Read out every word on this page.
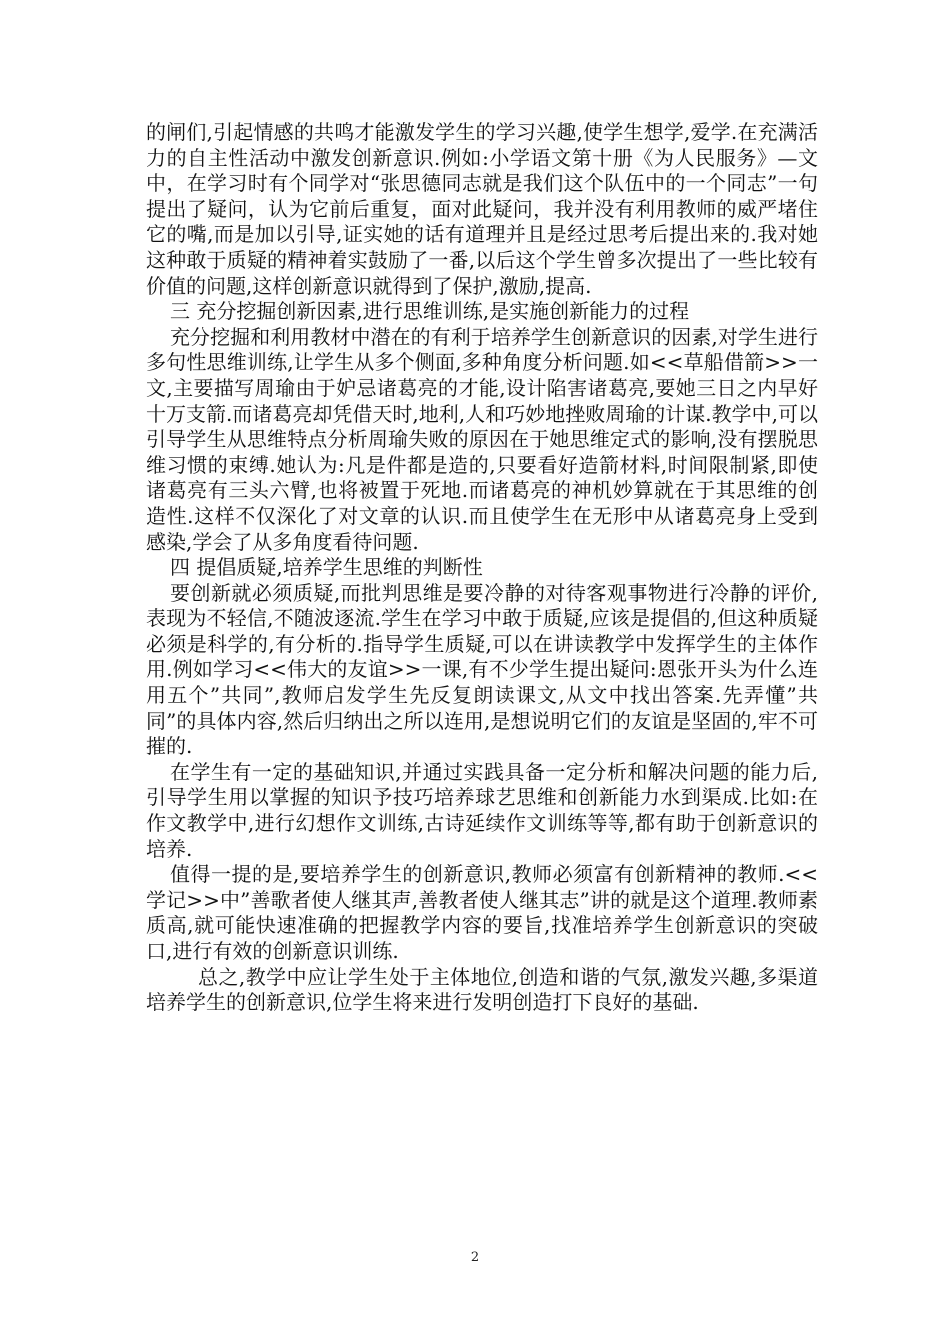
的闸们,引起情感的共鸣才能激发学生的学习兴趣,使学生想学,爱学.在充满活力的自主性活动中激发创新意识.例如:小学语文第十册《为人民服务》—文中，在学习时有个同学对“张思德同志就是我们这个队伍中的一个同志”一句提出了疑问，认为它前后重复，面对此疑问，我并没有利用教师的威严堵住它的嘴,而是加以引导,证实她的话有道理并且是经过思考后提出来的.我对她这种敢于质疑的精神着实鼓励了一番,以后这个学生曾多次提出了一些比较有价值的问题,这样创新意识就得到了保护,激励,提高.

三 充分挖掘创新因素,进行思维训练,是实施创新能力的过程

充分挖掘和利用教材中潜在的有利于培养学生创新意识的因素,对学生进行多句性思维训练,让学生从多个侧面,多种角度分析问题.如<<草船借箭>>一文,主要描写周瑜由于妒忌诸葛亮的才能,设计陷害诸葛亮,要她三日之内早好十万支箭.而诸葛亮却凭借天时,地利,人和巧妙地挫败周瑜的计谋.教学中,可以引导学生从思维特点分析周瑜失败的原因在于她思维定式的影响,没有摆脱思维习惯的束缚.她认为:凡是件都是造的,只要看好造箭材料,时间限制紧,即使诸葛亮有三头六臂,也将被置于死地.而诸葛亮的神机妙算就在于其思维的创造性.这样不仅深化了对文章的认识.而且使学生在无形中从诸葛亮身上受到感染,学会了从多角度看待问题.

四 提倡质疑,培养学生思维的判断性

要创新就必须质疑,而批判思维是要冷静的对待客观事物进行冷静的评价,表现为不轻信,不随波逐流.学生在学习中敢于质疑,应该是提倡的,但这种质疑必须是科学的,有分析的.指导学生质疑,可以在讲读教学中发挥学生的主体作用.例如学习<<伟大的友谊>>一课,有不少学生提出疑问:恩张开头为什么连用五个”共同”,教师启发学生先反复朗读课文,从文中找出答案.先弄懂”共同”的具体内容,然后归纳出之所以连用,是想说明它们的友谊是坚固的,牢不可摧的.

在学生有一定的基础知识,并通过实践具备一定分析和解决问题的能力后,引导学生用以掌握的知识予技巧培养球艺思维和创新能力水到渠成.比如:在作文教学中,进行幻想作文训练,古诗延续作文训练等等,都有助于创新意识的培养.

值得一提的是,要培养学生的创新意识,教师必须富有创新精神的教师.<<学记>>中”善歌者使人继其声,善教者使人继其志”讲的就是这个道理.教师素质高,就可能快速准确的把握教学内容的要旨,找准培养学生创新意识的突破口,进行有效的创新意识训练.

总之,教学中应让学生处于主体地位,创造和谐的气氛,激发兴趣,多渠道培养学生的创新意识,位学生将来进行发明创造打下良好的基础.

2
